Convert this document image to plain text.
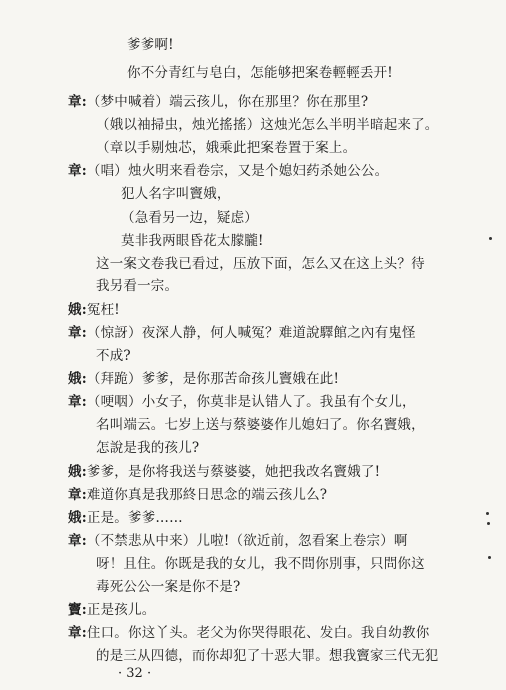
爹爹啊!
你不分青红与皂白，怎能够把案卷輕輕丢开!
章:（梦中喊着）端云孩儿，你在那里？你在那里?
（娥以袖掃虫，烛光搖搖）这烛光怎么半明半暗起来了。
（章以手剔烛芯，娥乘此把案卷置于案上。
章:（唱）烛火明来看卷宗，又是个媳妇药杀她公公。
犯人名字叫竇娥，
（急看另一边，疑虑）
莫非我两眼昏花太朦朧!
这一案文卷我已看过，压放下面，怎么又在这上头？待
我另看一宗。
娥:冤枉!
章:（惊訝）夜深人静，何人喊冤？难道說驛館之內有鬼怪
不成?
娥:（拜跪）爹爹，是你那苦命孩儿竇娥在此!
章:（哽咽）小女子，你莫非是认错人了。我虽有个女儿，
名叫端云。七岁上送与蔡婆婆作儿媳妇了。你名竇娥，
怎說是我的孩儿?
娥:爹爹，是你将我送与蔡婆婆，她把我改名竇娥了!
章:难道你真是我那終日思念的端云孩儿么?
娥:正是。爹爹……
章:（不禁悲从中来）儿啦!（欲近前，忽看案上卷宗）啊
呀！且住。你既是我的女儿，我不問你別事，只問你这
毒死公公一案是你不是?
竇:正是孩儿。
章:住口。你这丫头。老父为你哭得眼花、发白。我自幼教你
的是三从四德，而你却犯了十恶大罪。想我竇家三代无犯
· 32 ·
